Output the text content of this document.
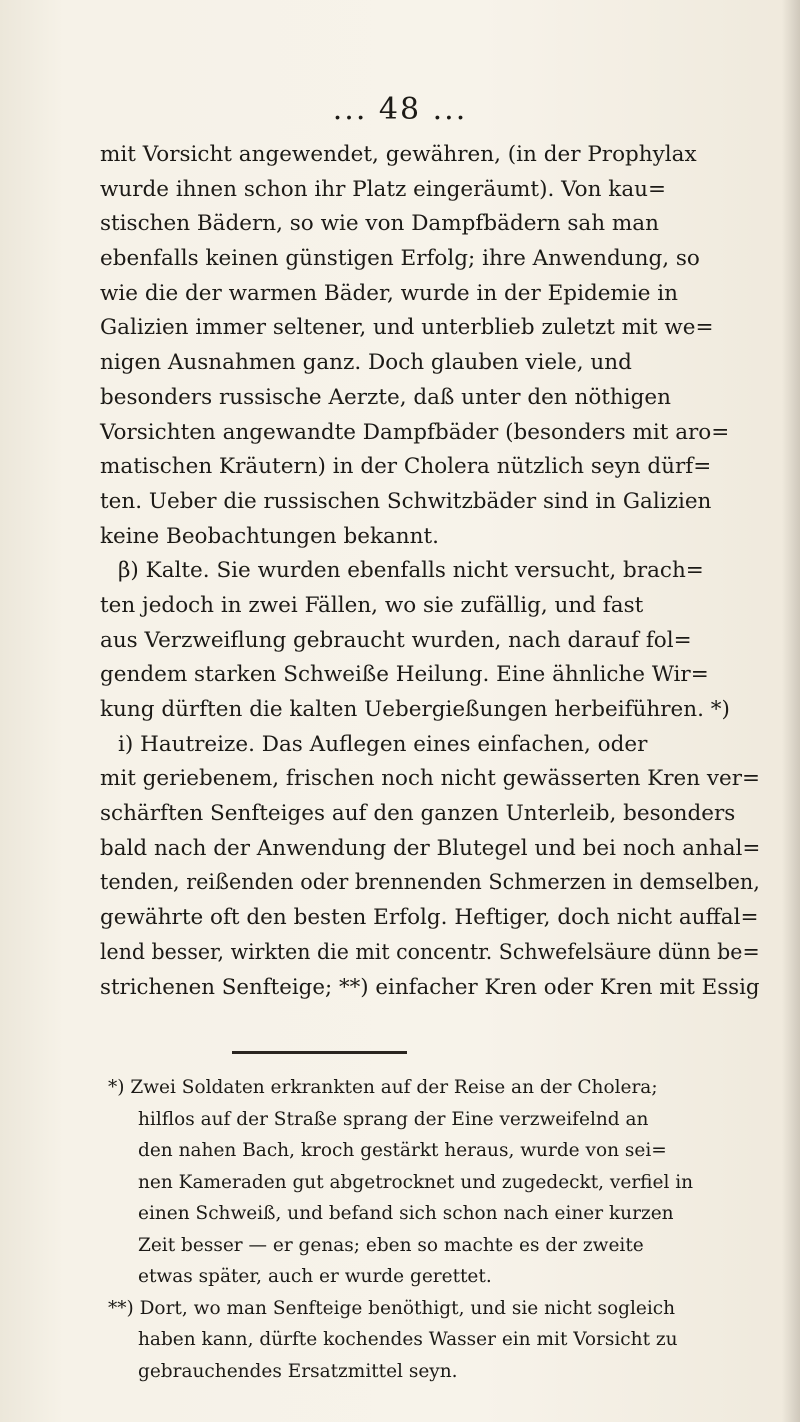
... 48 ...
mit Vorsicht angewendet, gewähren, (in der Prophylax
wurde ihnen schon ihr Platz eingeräumt). Von kau=
stischen Bädern, so wie von Dampfbädern sah man
ebenfalls keinen günstigen Erfolg; ihre Anwendung, so
wie die der warmen Bäder, wurde in der Epidemie in
Galizien immer seltener, und unterblieb zuletzt mit we=
nigen Ausnahmen ganz. Doch glauben viele, und
besonders russische Aerzte, daß unter den nöthigen
Vorsichten angewandte Dampfbäder (besonders mit aro=
matischen Kräutern) in der Cholera nützlich seyn dürf=
ten. Ueber die russischen Schwitzbäder sind in Galizien
keine Beobachtungen bekannt.
β) Kalte. Sie wurden ebenfalls nicht versucht, brach=
ten jedoch in zwei Fällen, wo sie zufällig, und fast
aus Verzweiflung gebraucht wurden, nach darauf fol=
gendem starken Schweiße Heilung. Eine ähnliche Wir=
kung dürften die kalten Uebergießungen herbeiführen. *)
i) Hautreize. Das Auflegen eines einfachen, oder
mit geriebenem, frischen noch nicht gewässerten Kren ver=
schärften Senfteiges auf den ganzen Unterleib, besonders
bald nach der Anwendung der Blutegel und bei noch anhal=
tenden, reißenden oder brennenden Schmerzen in demselben,
gewährte oft den besten Erfolg. Heftiger, doch nicht auffal=
lend besser, wirkten die mit concentr. Schwefelsäure dünn be=
strichenen Senfteige; **) einfacher Kren oder Kren mit Essig
*) Zwei Soldaten erkrankten auf der Reise an der Cholera;
hilflos auf der Straße sprang der Eine verzweifelnd an
den nahen Bach, kroch gestärkt heraus, wurde von sei=
nen Kameraden gut abgetrocknet und zugedeckt, verfiel in
einen Schweiß, und befand sich schon nach einer kurzen
Zeit besser — er genas; eben so machte es der zweite
etwas später, auch er wurde gerettet.
**) Dort, wo man Senfteige benöthigt, und sie nicht sogleich
haben kann, dürfte kochendes Wasser ein mit Vorsicht zu
gebrauchendes Ersatzmittel seyn.
